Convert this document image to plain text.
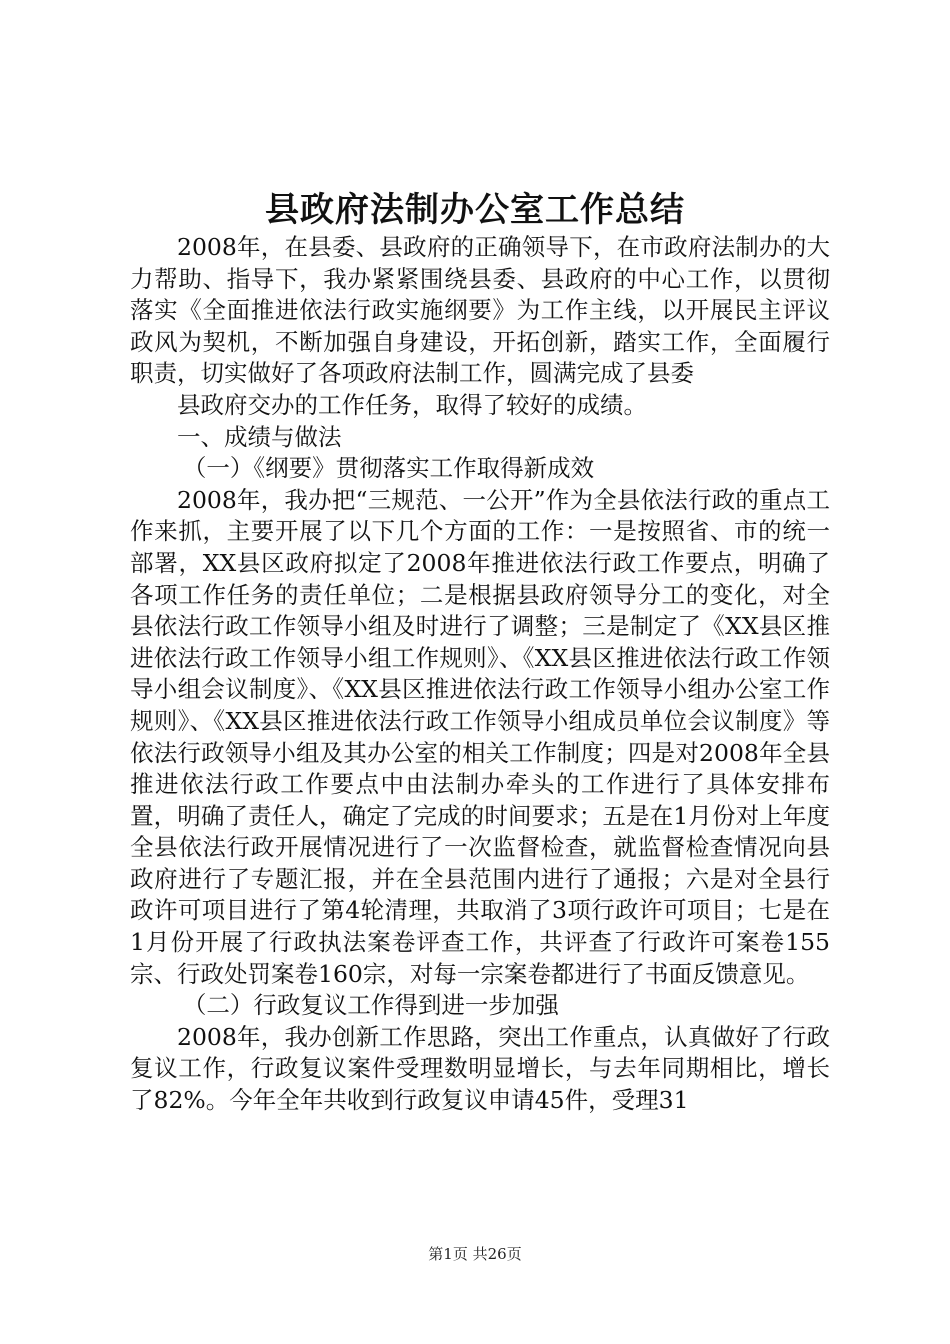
县政府法制办公室工作总结

2008年，在县委、县政府的正确领导下，在市政府法制办的大力帮助、指导下，我办紧紧围绕县委、县政府的中心工作，以贯彻落实《全面推进依法行政实施纲要》为工作主线，以开展民主评议政风为契机，不断加强自身建设，开拓创新，踏实工作，全面履行职责，切实做好了各项政府法制工作，圆满完成了县委

县政府交办的工作任务，取得了较好的成绩。

一、成绩与做法

（一）《纲要》贯彻落实工作取得新成效

2008年，我办把“三规范、一公开”作为全县依法行政的重点工作来抓，主要开展了以下几个方面的工作：一是按照省、市的统一部署，XX县区政府拟定了2008年推进依法行政工作要点，明确了各项工作任务的责任单位；二是根据县政府领导分工的变化，对全县依法行政工作领导小组及时进行了调整；三是制定了《XX县区推进依法行政工作领导小组工作规则》、《XX县区推进依法行政工作领导小组会议制度》、《XX县区推进依法行政工作领导小组办公室工作规则》、《XX县区推进依法行政工作领导小组成员单位会议制度》等依法行政领导小组及其办公室的相关工作制度；四是对2008年全县推进依法行政工作要点中由法制办牵头的工作进行了具体安排布置，明确了责任人，确定了完成的时间要求；五是在1月份对上年度全县依法行政开展情况进行了一次监督检查，就监督检查情况向县政府进行了专题汇报，并在全县范围内进行了通报；六是对全县行政许可项目进行了第4轮清理，共取消了3项行政许可项目；七是在1月份开展了行政执法案卷评查工作，共评查了行政许可案卷155宗、行政处罚案卷160宗，对每一宗案卷都进行了书面反馈意见。

（二）行政复议工作得到进一步加强

2008年，我办创新工作思路，突出工作重点，认真做好了行政复议工作，行政复议案件受理数明显增长，与去年同期相比，增长了82%。今年全年共收到行政复议申请45件，受理31

第1页 共26页
